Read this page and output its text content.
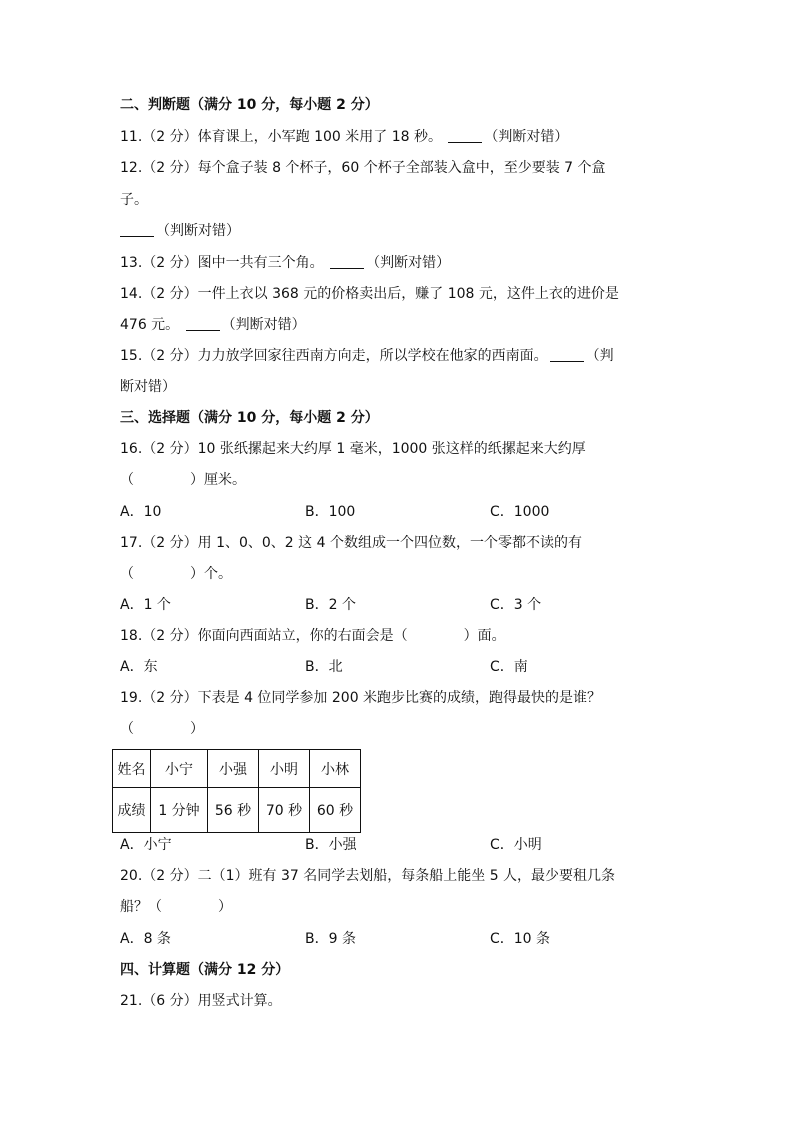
二、判断题（满分 10 分，每小题 2 分）
11.（2 分）体育课上，小军跑 100 米用了 18 秒。	（判断对错）
12.（2 分）每个盒子装 8 个杯子，60 个杯子全部装入盒中，至少要装 7 个盒
子。
（判断对错）
13.（2 分）图中一共有三个角。	（判断对错）
14.（2 分）一件上衣以 368 元的价格卖出后，赚了 108 元，这件上衣的进价是
476 元。	（判断对错）
15.（2 分）力力放学回家往西南方向走，所以学校在他家的西南面。	（判
断对错）
三、选择题（满分 10 分，每小题 2 分）
16.（2 分）10 张纸摞起来大约厚 1 毫米，1000 张这样的纸摞起来大约厚
（　　　　）厘米。
A．10	B．100	C．1000
17.（2 分）用 1、0、0、2 这 4 个数组成一个四位数，一个零都不读的有
（　　　　）个。
A．1 个	B．2 个	C．3 个
18.（2 分）你面向西面站立，你的右面会是（　　　　）面。
A．东	B．北	C．南
19.（2 分）下表是 4 位同学参加 200 米跑步比赛的成绩，跑得最快的是谁？
（　　　　）
姓名	小宁	小强	小明	小林
成绩	1 分钟	56 秒	70 秒	60 秒
A．小宁	B．小强	C．小明
20.（2 分）二（1）班有 37 名同学去划船，每条船上能坐 5 人，最少要租几条
船？（　　　　）
A．8 条	B．9 条	C．10 条
四、计算题（满分 12 分）
21.（6 分）用竖式计算。
